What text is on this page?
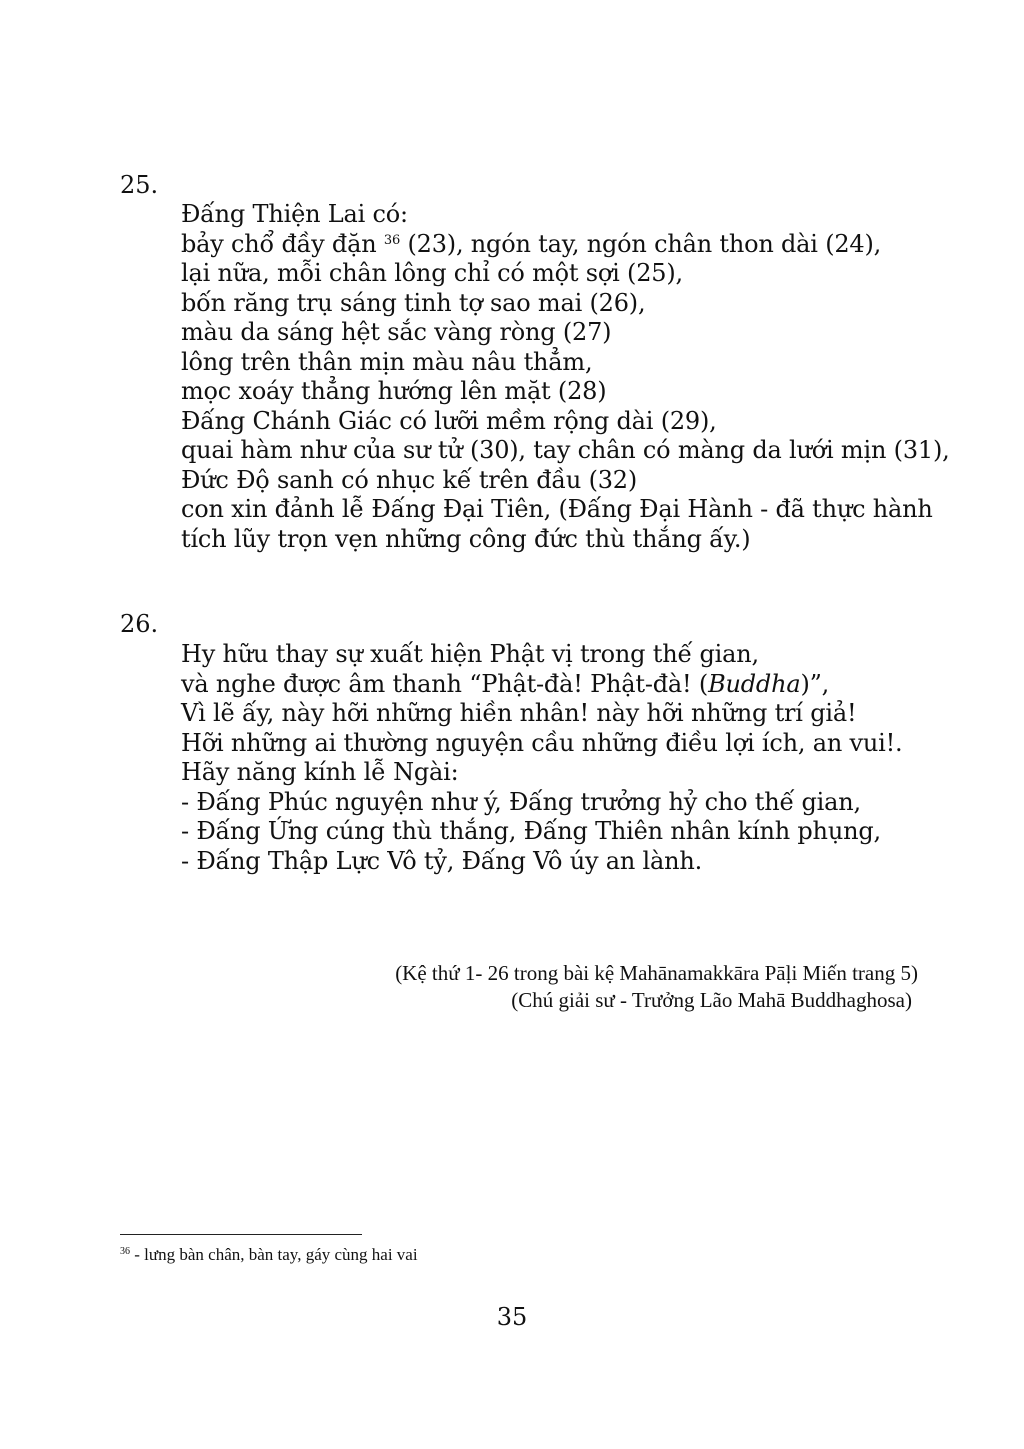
25.
Đấng Thiện Lai có:
bảy chổ đầy đặn $^{36}$ (23), ngón tay, ngón chân thon dài (24),
lại nữa, mỗi chân lông chỉ có một sợi (25),
bốn răng trụ sáng tinh tợ sao mai (26),
màu da sáng hệt sắc vàng ròng (27)
lông trên thân mịn màu nâu thẳm,
mọc xoáy thẳng hướng lên mặt (28)
Đấng Chánh Giác có lưỡi mềm rộng dài (29),
quai hàm như của sư tử (30), tay chân có màng da lưới mịn (31),
Đức Độ sanh có nhục kế trên đầu (32)
con xin đảnh lễ Đấng Đại Tiên, (Đấng Đại Hành - đã thực hành
tích lũy trọn vẹn những công đức thù thắng ấy.)
26.
Hy hữu thay sự xuất hiện Phật vị trong thế gian,
và nghe được âm thanh “Phật-đà! Phật-đà! (Buddha)”,
Vì lẽ ấy, này hỡi những hiền nhân! này hỡi những trí giả!
Hỡi những ai thường nguyện cầu những điều lợi ích, an vui!.
Hãy năng kính lễ Ngài:
- Đấng Phúc nguyện như ý, Đấng trưởng hỷ cho thế gian,
- Đấng Ứng cúng thù thắng, Đấng Thiên nhân kính phụng,
- Đấng Thập Lực Vô tỷ, Đấng Vô úy an lành.
(Kệ thứ 1- 26 trong bài kệ Mahānamakkāra Pāḷi Miến trang 5)
(Chú giải sư - Trưởng Lão Mahā Buddhaghosa)
$^{36}$ - lưng bàn chân, bàn tay, gáy cùng hai vai
35
